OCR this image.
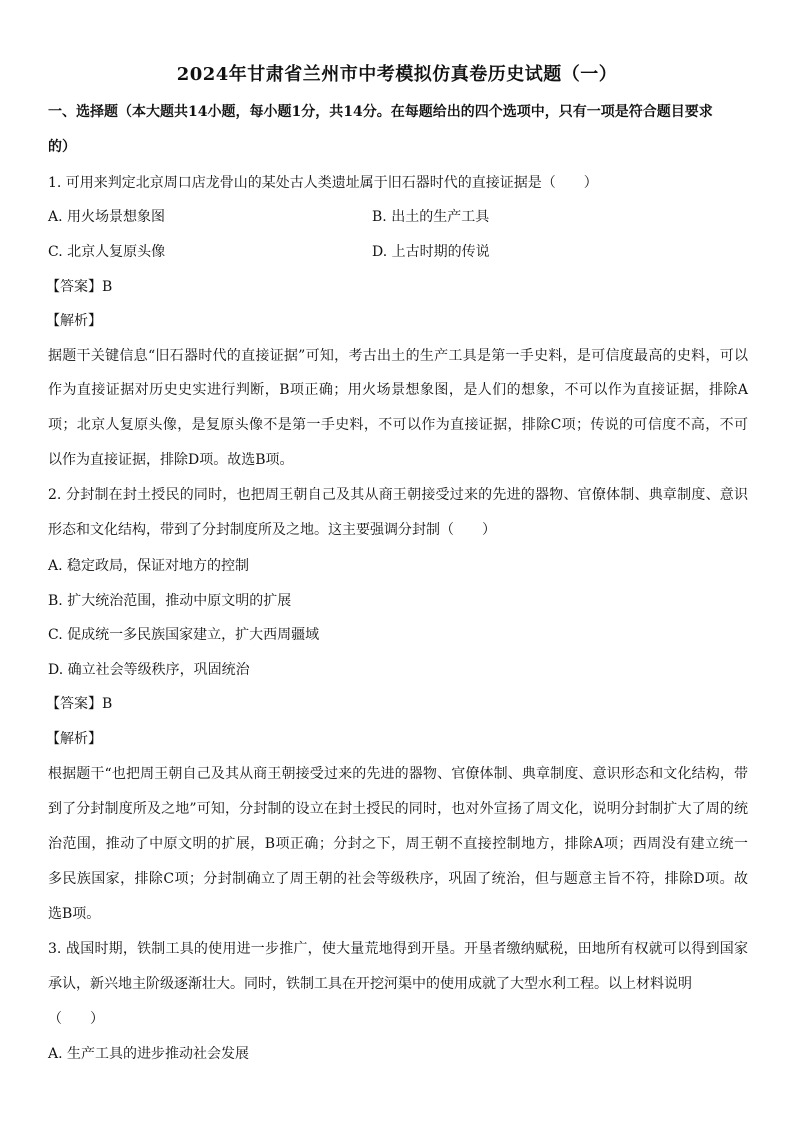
2024年甘肃省兰州市中考模拟仿真卷历史试题（一）
一、选择题（本大题共14小题，每小题1分，共14分。在每题给出的四个选项中，只有一项是符合题目要求
的）
1. 可用来判定北京周口店龙骨山的某处古人类遗址属于旧石器时代的直接证据是（　　）
A. 用火场景想象图	B. 出土的生产工具
C. 北京人复原头像	D. 上古时期的传说
【答案】B
【解析】
据题干关键信息“旧石器时代的直接证据”可知，考古出土的生产工具是第一手史料，是可信度最高的史料，可以
作为直接证据对历史史实进行判断，B项正确；用火场景想象图，是人们的想象，不可以作为直接证据，排除A
项；北京人复原头像，是复原头像不是第一手史料，不可以作为直接证据，排除C项；传说的可信度不高，不可
以作为直接证据，排除D项。故选B项。
2. 分封制在封土授民的同时，也把周王朝自己及其从商王朝接受过来的先进的器物、官僚体制、典章制度、意识
形态和文化结构，带到了分封制度所及之地。这主要强调分封制（　　）
A. 稳定政局，保证对地方的控制
B. 扩大统治范围，推动中原文明的扩展
C. 促成统一多民族国家建立，扩大西周疆域
D. 确立社会等级秩序，巩固统治
【答案】B
【解析】
根据题干“也把周王朝自己及其从商王朝接受过来的先进的器物、官僚体制、典章制度、意识形态和文化结构，带
到了分封制度所及之地”可知，分封制的设立在封土授民的同时，也对外宣扬了周文化，说明分封制扩大了周的统
治范围，推动了中原文明的扩展，B项正确；分封之下，周王朝不直接控制地方，排除A项；西周没有建立统一
多民族国家，排除C项；分封制确立了周王朝的社会等级秩序，巩固了统治，但与题意主旨不符，排除D项。故
选B项。
3. 战国时期，铁制工具的使用进一步推广，使大量荒地得到开垦。开垦者缴纳赋税，田地所有权就可以得到国家
承认，新兴地主阶级逐渐壮大。同时，铁制工具在开挖河渠中的使用成就了大型水利工程。以上材料说明
（　　）
A. 生产工具的进步推动社会发展
